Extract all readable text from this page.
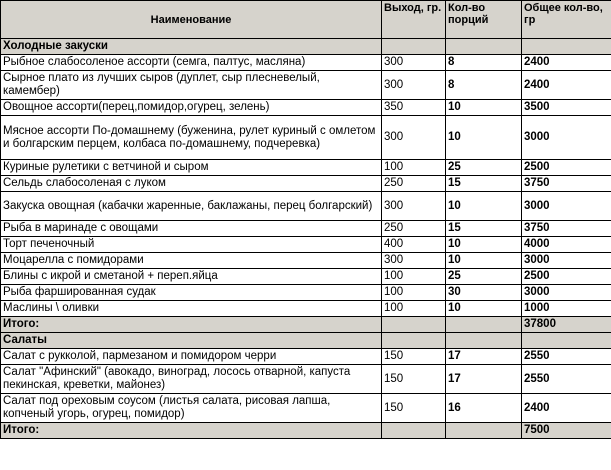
Наименование	Выход, гр.	Кол-во порций	Общее кол-во, гр
Холодные закуски			
Рыбное слабосоленое ассорти (семга, палтус, масляна)	300	8	2400
Сырное плато из лучших сыров (дуплет, сыр плесневелый, камембер)	300	8	2400
Овощное ассорти(перец,помидор,огурец, зелень)	350	10	3500
Мясное ассорти По-домашнему (буженина, рулет куриный с омлетом и болгарским перцем, колбаса по-домашнему, подчеревка)	300	10	3000
Куриные рулетики с ветчиной и сыром	100	25	2500
Сельдь слабосоленая с луком	250	15	3750
Закуска овощная (кабачки жаренные, баклажаны, перец болгарский)	300	10	3000
Рыба в маринаде с овощами	250	15	3750
Торт печеночный	400	10	4000
Моцарелла с помидорами	300	10	3000
Блины с икрой и сметаной + переп.яйца	100	25	2500
Рыба фаршированная судак	100	30	3000
Маслины \ оливки	100	10	1000
Итого:			37800
Салаты			
Салат с рукколой, пармезаном и помидором черри	150	17	2550
Салат "Афинский" (авокадо, виноград, лосось отварной, капуста пекинская, креветки, майонез)	150	17	2550
Салат под ореховым соусом (листья салата, рисовая лапша, копченый угорь, огурец, помидор)	150	16	2400
Итого:			7500
